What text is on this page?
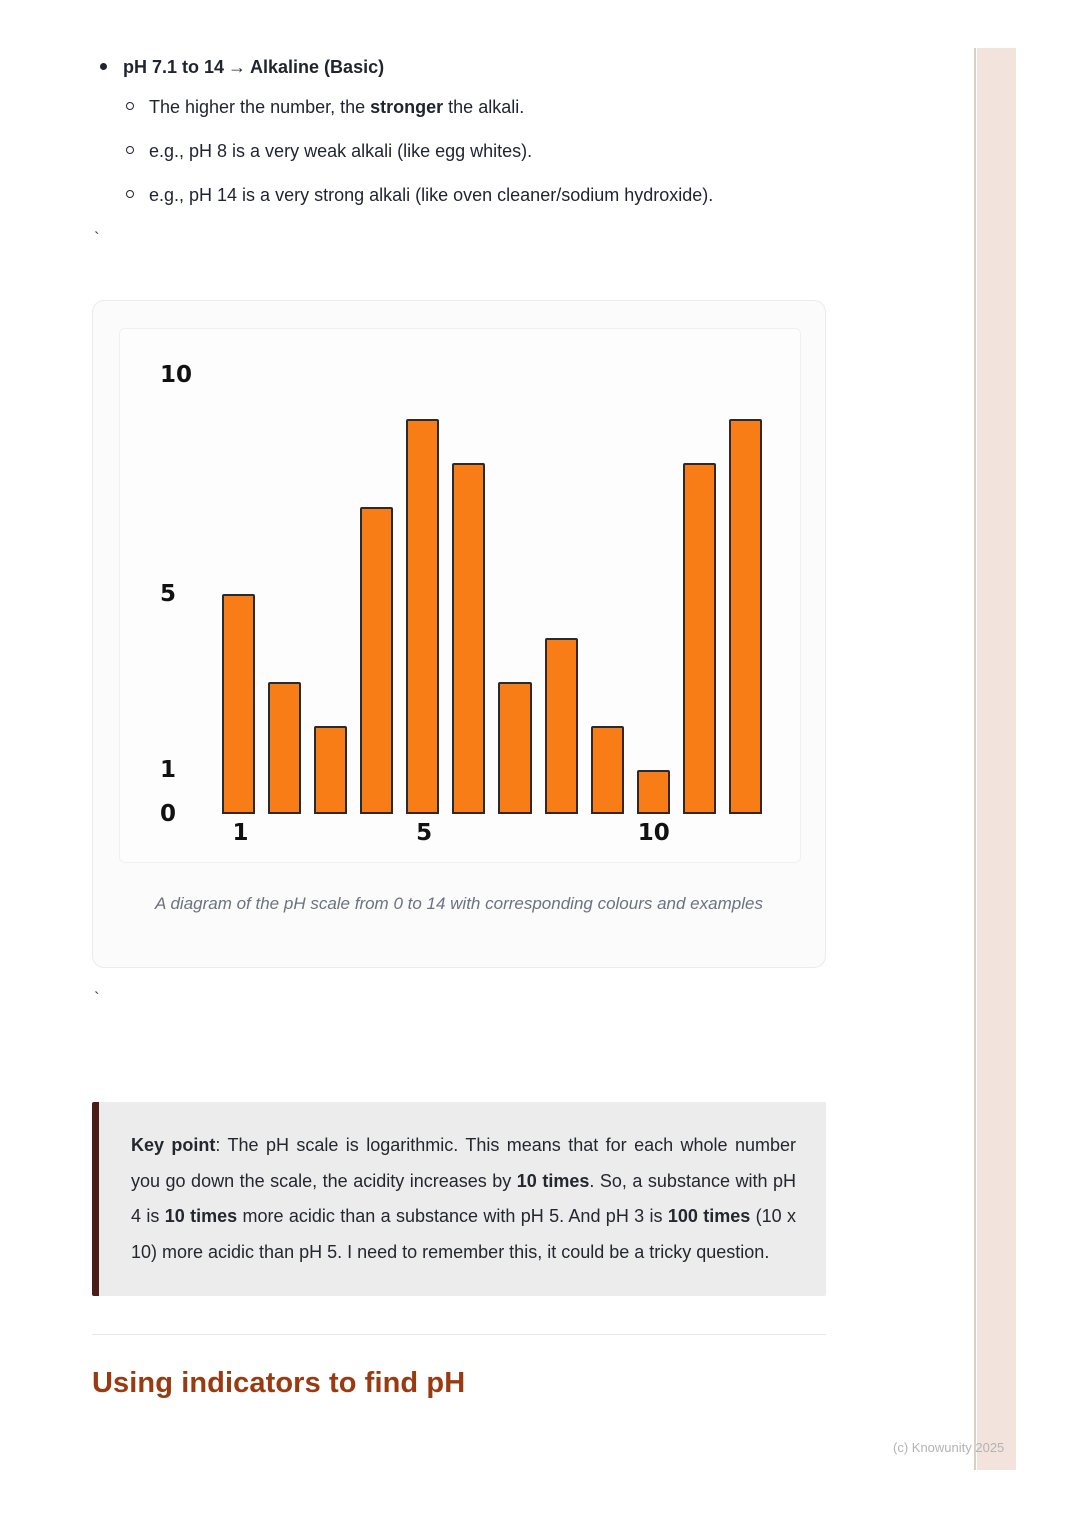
pH 7.1 to 14 → Alkaline (Basic)
The higher the number, the stronger the alkali.
e.g., pH 8 is a very weak alkali (like egg whites).
e.g., pH 14 is a very strong alkali (like oven cleaner/sodium hydroxide).
`
10
5
1
0
1	5	10
A diagram of the pH scale from 0 to 14 with corresponding colours and examples
`
Key point: The pH scale is logarithmic. This means that for each whole number you go down the scale, the acidity increases by 10 times. So, a substance with pH 4 is 10 times more acidic than a substance with pH 5. And pH 3 is 100 times (10 x 10) more acidic than pH 5. I need to remember this, it could be a tricky question.
Using indicators to find pH
(c) Knowunity 2025
